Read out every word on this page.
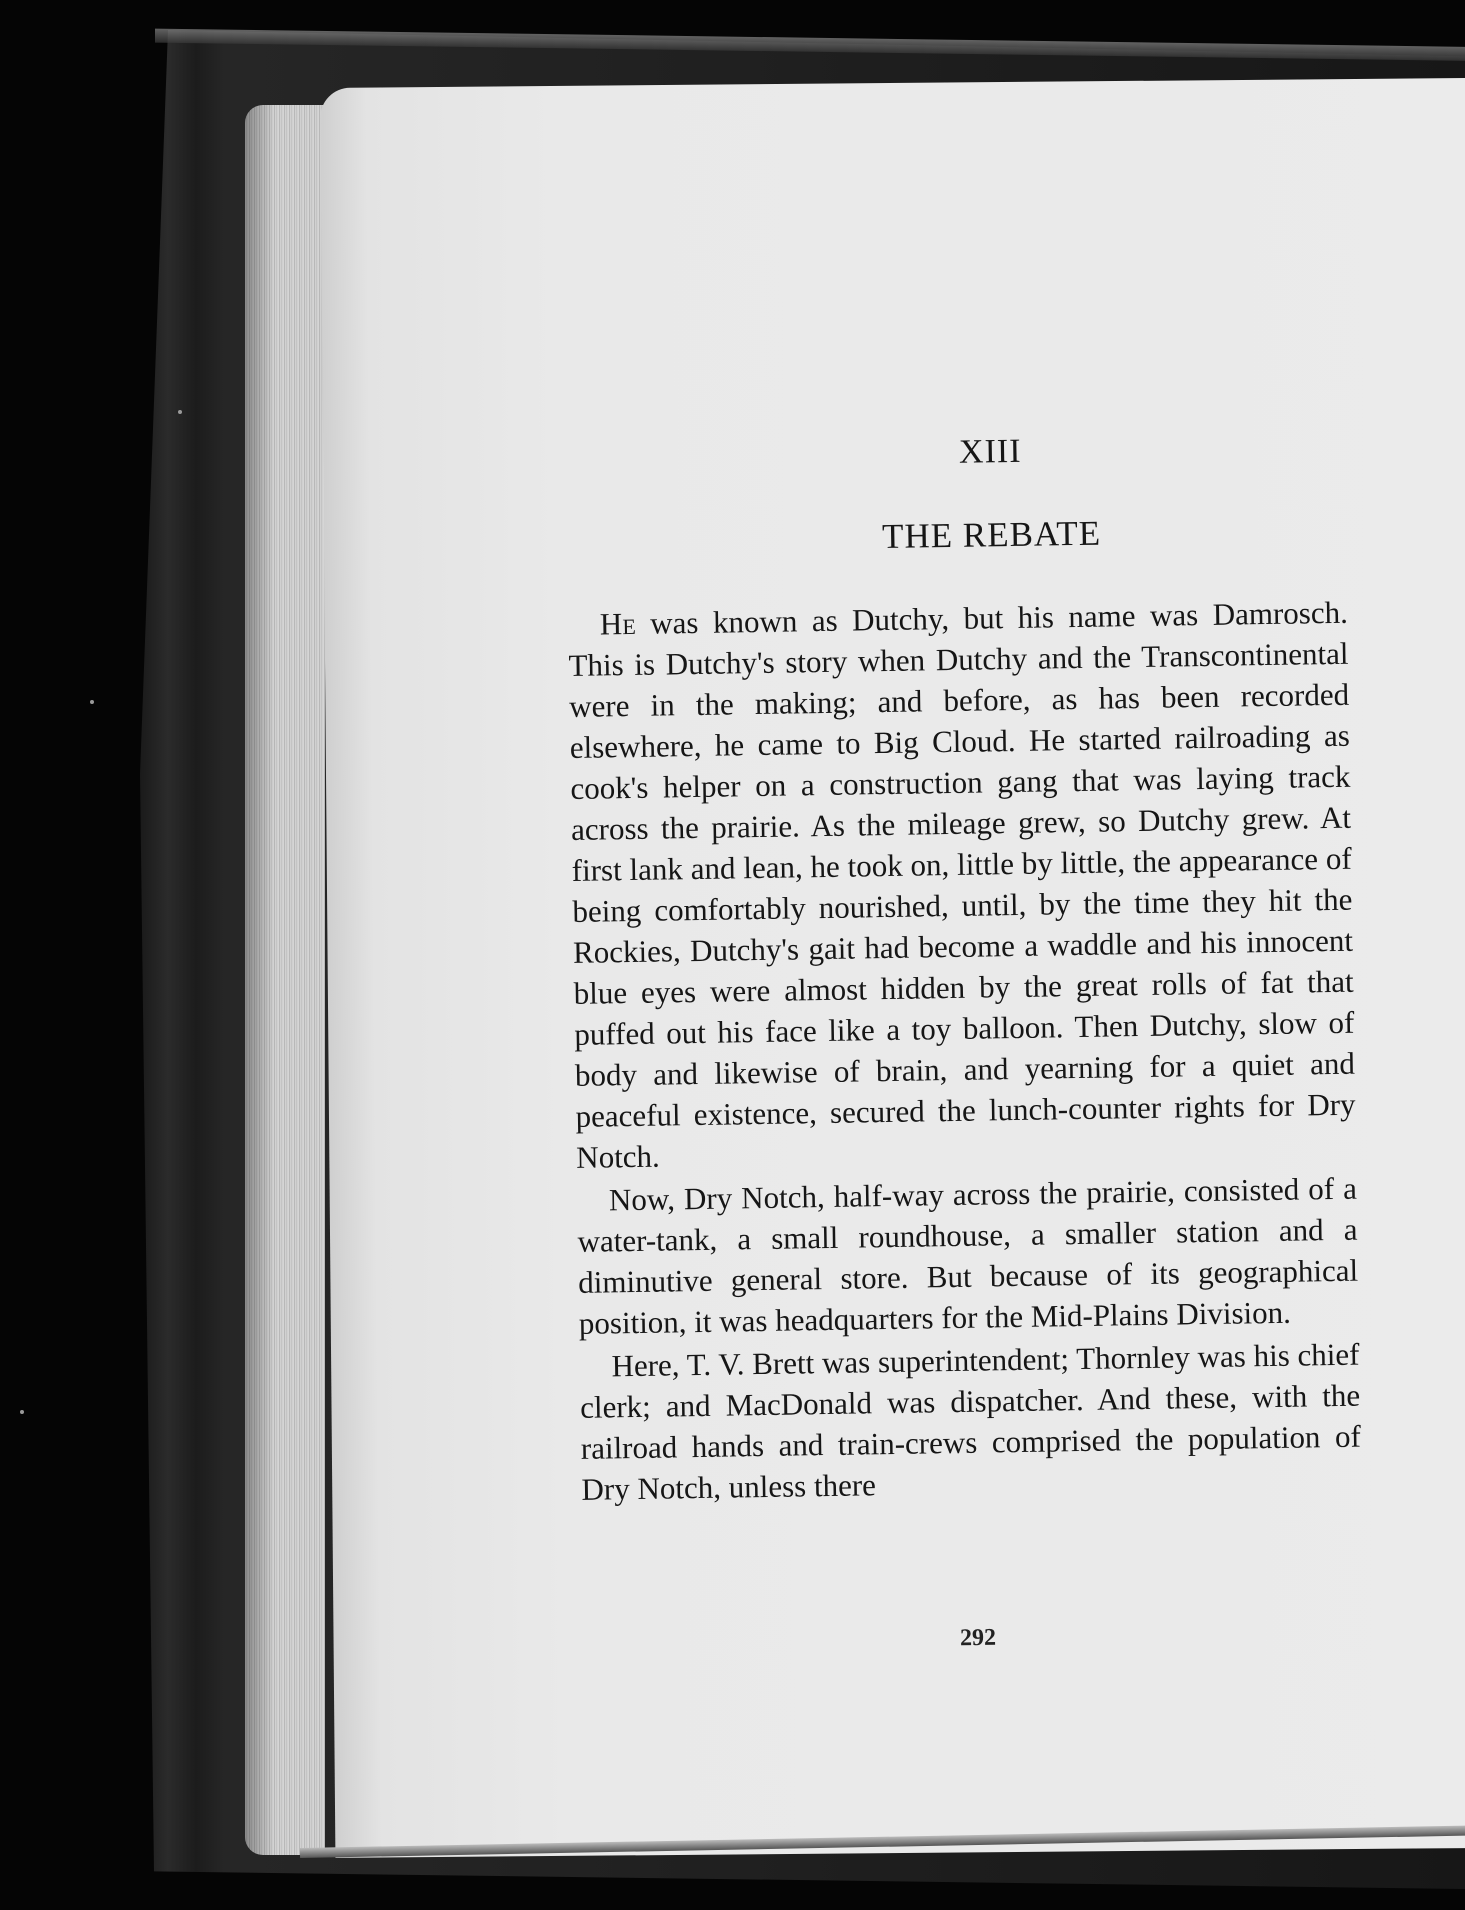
XIII
THE REBATE

He was known as Dutchy, but his name was Damrosch. This is Dutchy's story when Dutchy and the Transcontinental were in the making; and before, as has been recorded elsewhere, he came to Big Cloud. He started railroading as cook's helper on a construction gang that was laying track across the prairie. As the mileage grew, so Dutchy grew. At first lank and lean, he took on, little by little, the appearance of being comfortably nourished, until, by the time they hit the Rockies, Dutchy's gait had become a waddle and his innocent blue eyes were almost hidden by the great rolls of fat that puffed out his face like a toy balloon. Then Dutchy, slow of body and likewise of brain, and yearning for a quiet and peaceful existence, secured the lunch-counter rights for Dry Notch.

Now, Dry Notch, half-way across the prairie, consisted of a water-tank, a small roundhouse, a smaller station and a diminutive general store. But because of its geographical position, it was headquarters for the Mid-Plains Division.

Here, T. V. Brett was superintendent; Thornley was his chief clerk; and MacDonald was dispatcher. And these, with the railroad hands and train-crews comprised the population of Dry Notch, unless there

292
